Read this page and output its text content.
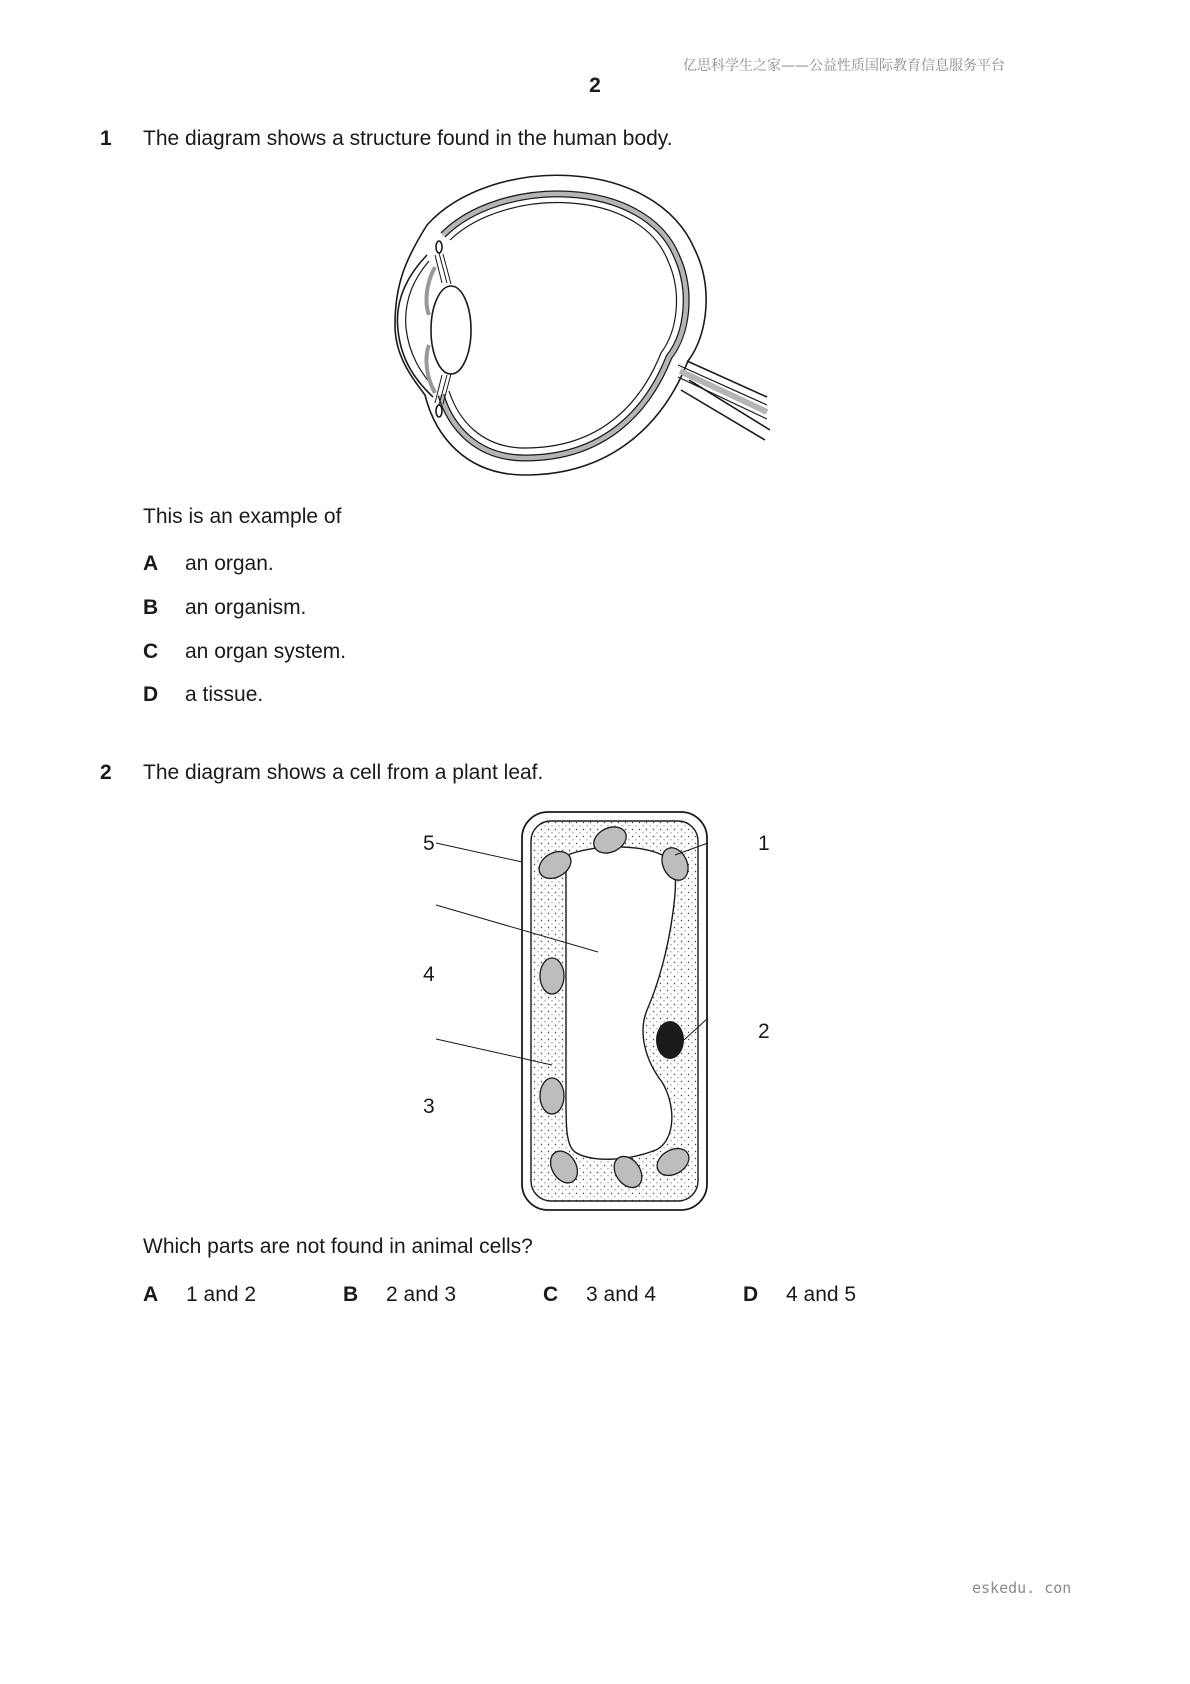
亿思科学生之家——公益性质国际教育信息服务平台
2
1 The diagram shows a structure found in the human body.
This is an example of
A an organ.
B an organism.
C an organ system.
D a tissue.
2 The diagram shows a cell from a plant leaf.
1
2
3
4
5
Which parts are not found in animal cells?
A 1 and 2	B 2 and 3	C 3 and 4	D 4 and 5
eskedu. con
